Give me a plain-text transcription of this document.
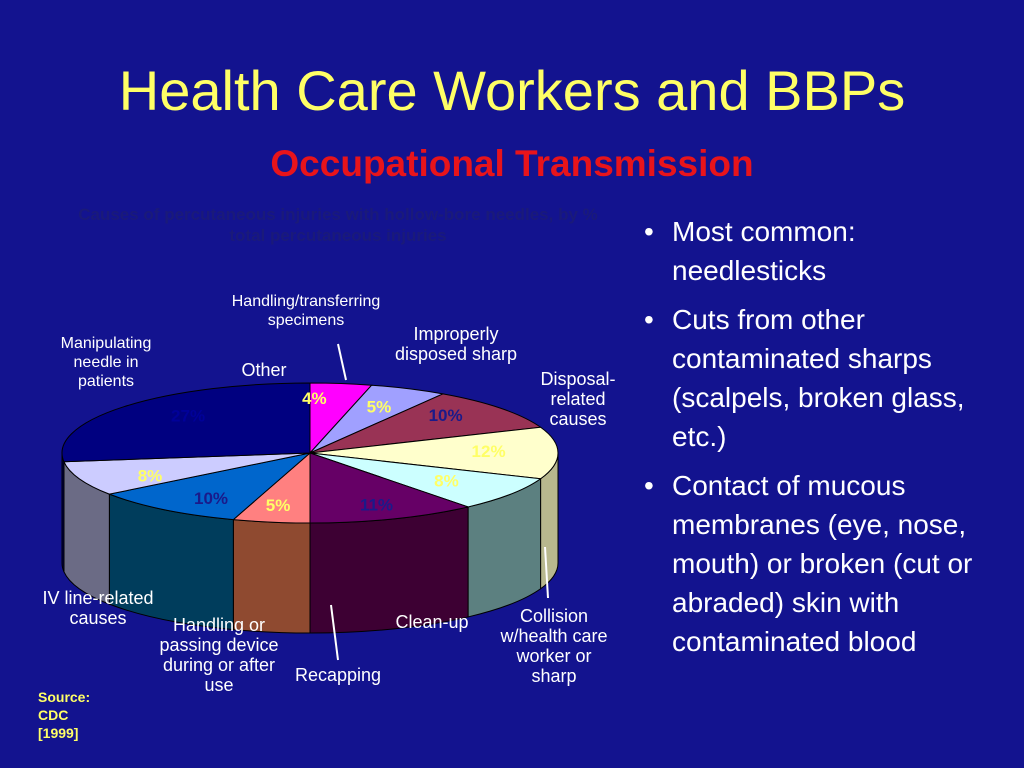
Health Care Workers and BBPs
Occupational Transmission
Causes of percutaneous injuries with hollow-bore needles, by % total percutaneous injuries
4% 5% 10%
12%
8%
11%
5%
10%
8%
27%
Manipulating needle in patients
Handling/transferring specimens
Other
Improperly disposed sharp
Disposal-related causes
IV line-related causes	Handling or passing device during or after use	Recapping
Clean-up	Collision w/health care worker or sharp
• Most common: needlesticks
• Cuts from other contaminated sharps (scalpels, broken glass, etc.)
• Contact of mucous membranes (eye, nose, mouth) or broken (cut or abraded) skin with contaminated blood
Source:
CDC
[1999]
